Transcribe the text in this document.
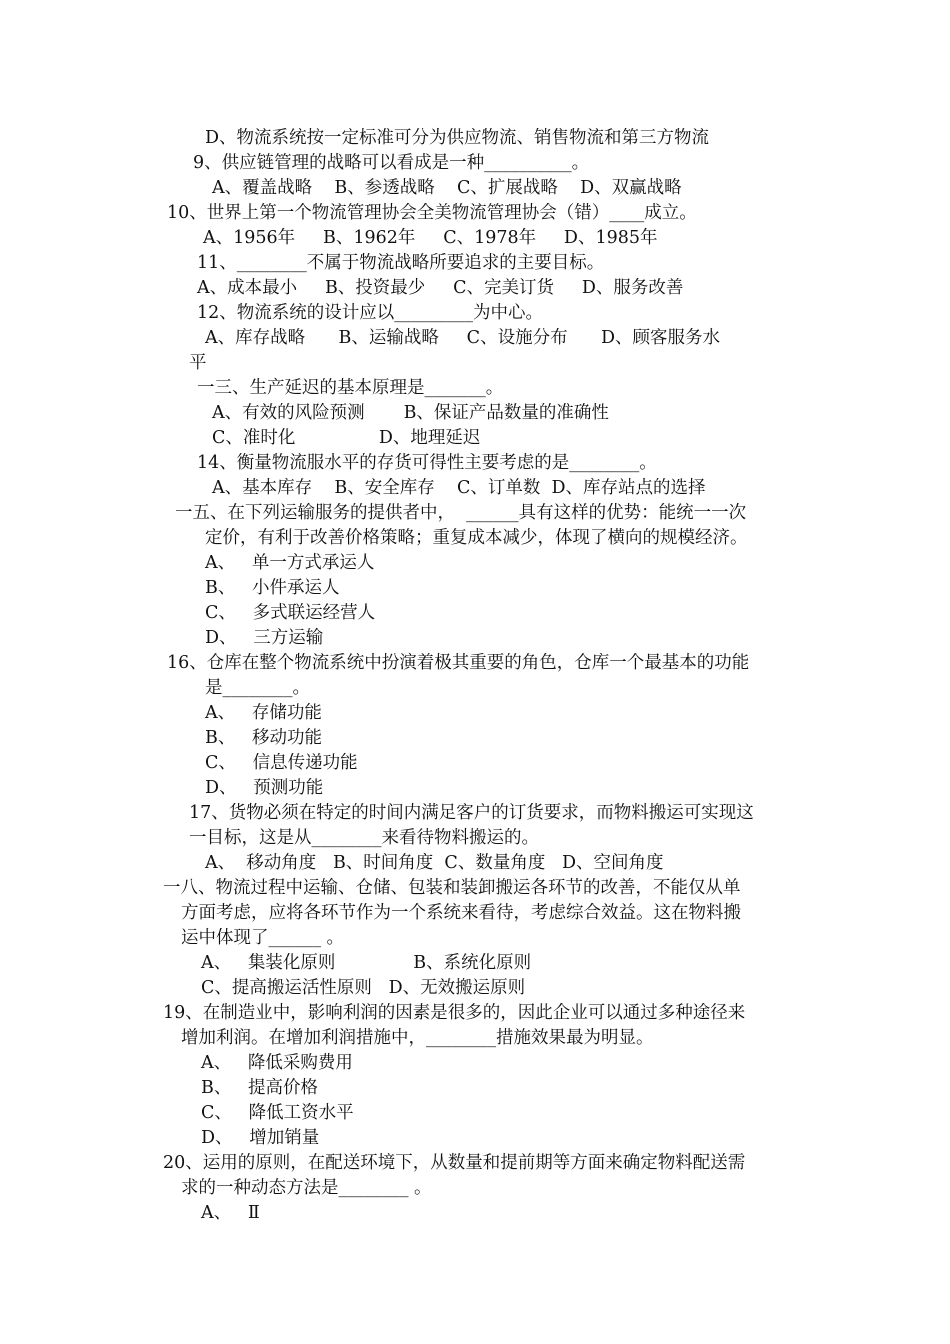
D、物流系统按一定标准可分为供应物流、销售物流和第三方物流
9、供应链管理的战略可以看成是一种__________。
A、覆盖战略    B、参透战略    C、扩展战略    D、双赢战略
10、世界上第一个物流管理协会全美物流管理协会（错）____成立。
A、1956年     B、1962年     C、1978年     D、1985年
11、________不属于物流战略所要追求的主要目标。
A、成本最小     B、投资最少     C、完美订货     D、服务改善
12、物流系统的设计应以_________为中心。
A、库存战略      B、运输战略     C、设施分布      D、顾客服务水
平
一三、生产延迟的基本原理是_______。
A、有效的风险预测       B、保证产品数量的准确性
C、准时化               D、地理延迟
14、衡量物流服水平的存货可得性主要考虑的是________。
A、基本库存    B、安全库存    C、订单数  D、库存站点的选择
一五、在下列运输服务的提供者中，  ______具有这样的优势：能统一一次
定价，有利于改善价格策略；重复成本减少，体现了横向的规模经济。
A、   单一方式承运人
B、   小件承运人
C、   多式联运经营人
D、   三方运输
16、仓库在整个物流系统中扮演着极其重要的角色，仓库一个最基本的功能
是________。
A、   存储功能
B、   移动功能
C、   信息传递功能
D、   预测功能
17、货物必须在特定的时间内满足客户的订货要求，而物料搬运可实现这
一目标，这是从________来看待物料搬运的。
A、  移动角度   B、时间角度  C、数量角度   D、空间角度
一八、物流过程中运输、仓储、包装和装卸搬运各环节的改善，不能仅从单
方面考虑，应将各环节作为一个系统来看待，考虑综合效益。这在物料搬
运中体现了______ 。
A、   集装化原则              B、系统化原则
C、提高搬运活性原则   D、无效搬运原则
19、在制造业中，影响利润的因素是很多的，因此企业可以通过多种途径来
增加利润。在增加利润措施中，________措施效果最为明显。
A、   降低采购费用
B、   提高价格
C、   降低工资水平
D、   增加销量
20、运用的原则，在配送环境下，从数量和提前期等方面来确定物料配送需
求的一种动态方法是________ 。
A、   Ⅱ
